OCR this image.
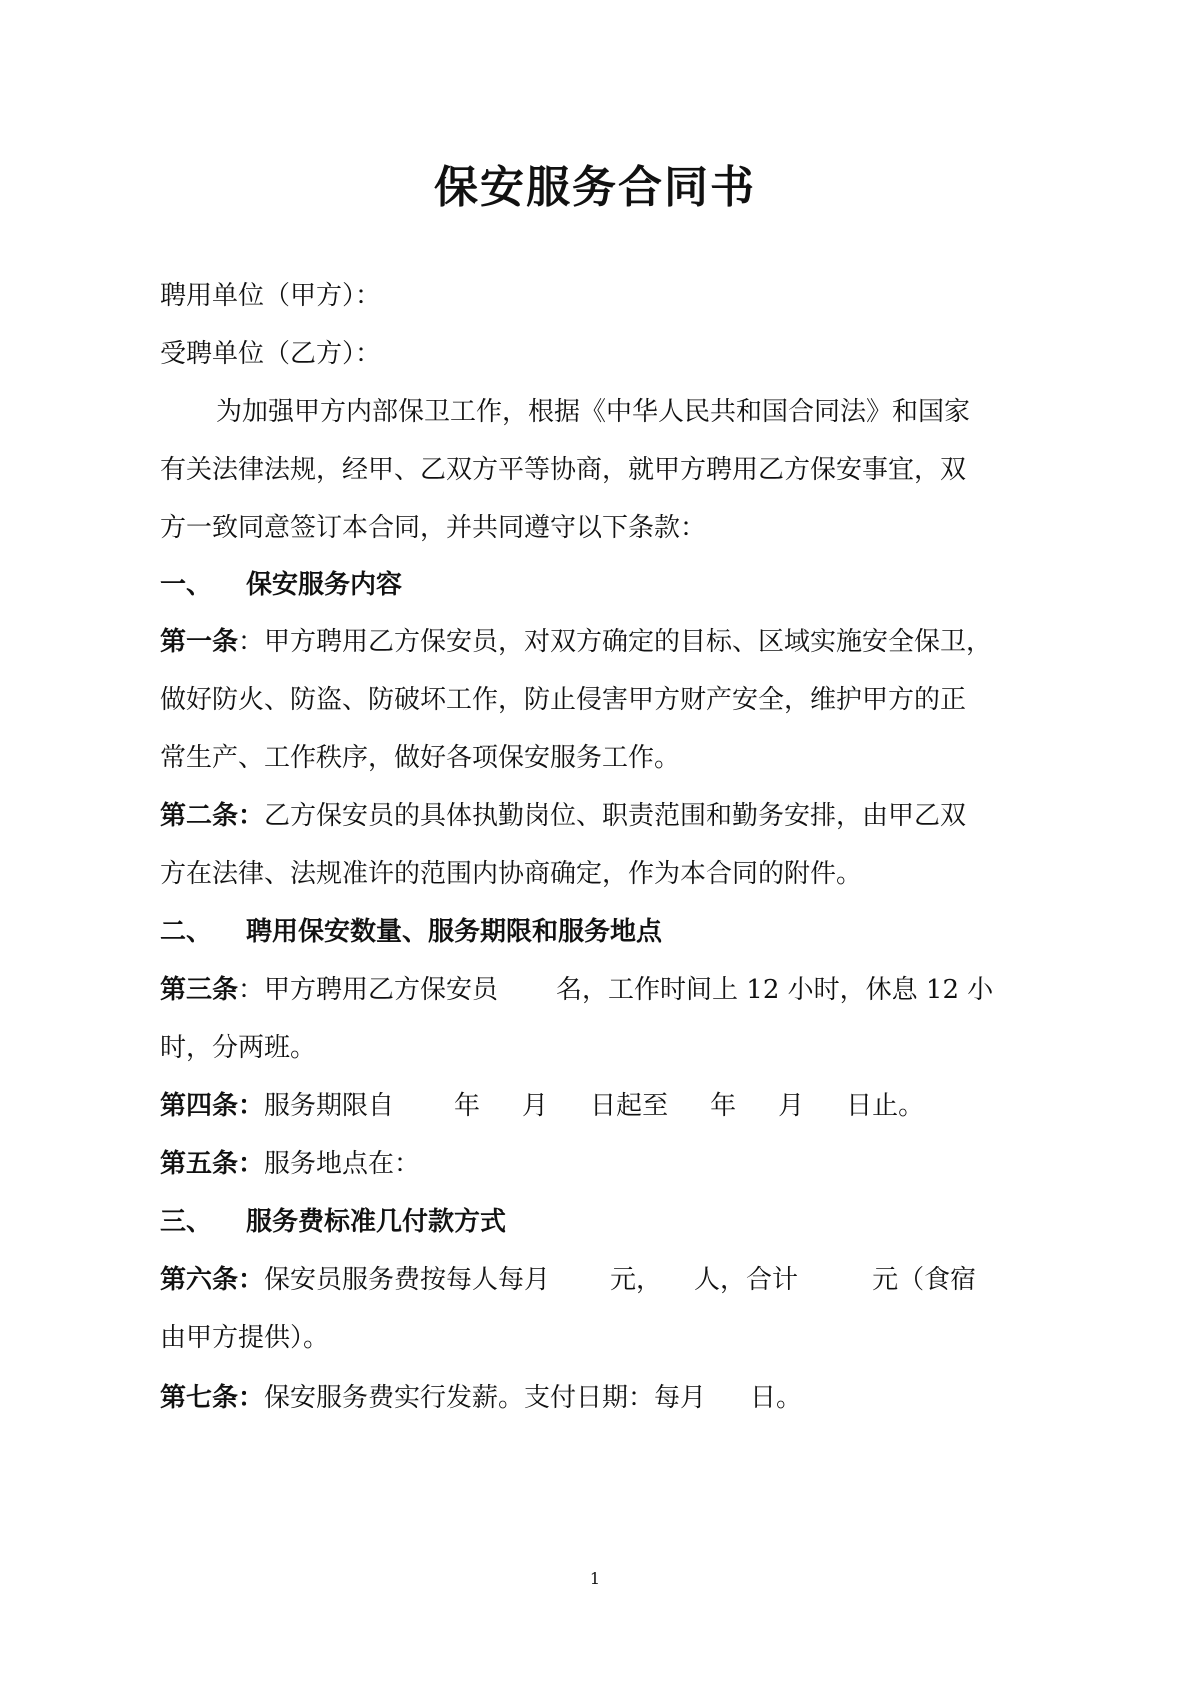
保安服务合同书
聘用单位（甲方）：
受聘单位（乙方）：
为加强甲方内部保卫工作，根据《中华人民共和国合同法》和国家
有关法律法规，经甲、乙双方平等协商，就甲方聘用乙方保安事宜，双
方一致同意签订本合同，并共同遵守以下条款：
一、 保安服务内容
第一条：甲方聘用乙方保安员，对双方确定的目标、区域实施安全保卫，
做好防火、防盗、防破坏工作，防止侵害甲方财产安全，维护甲方的正
常生产、工作秩序，做好各项保安服务工作。
第二条：乙方保安员的具体执勤岗位、职责范围和勤务安排，由甲乙双
方在法律、法规准许的范围内协商确定，作为本合同的附件。
二、 聘用保安数量、服务期限和服务地点
第三条：甲方聘用乙方保安员 名，工作时间上 12 小时，休息 12 小
时，分两班。
第四条：服务期限自 年 月 日起至 年 月 日止。
第五条：服务地点在：
三、 服务费标准几付款方式
第六条：保安员服务费按每人每月 元， 人，合计	元（食宿
由甲方提供）。
第七条：保安服务费实行发薪。支付日期：每月 日。
1
